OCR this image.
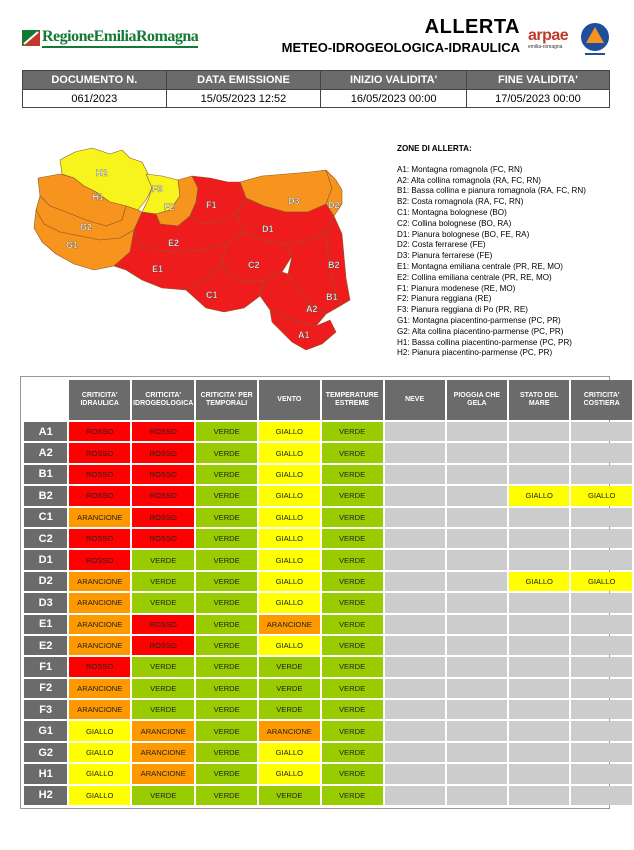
RegioneEmiliaRomagna	ALLERTA
METEO-IDROGEOLOGICA-IDRAULICA
arpae
emilia-romagna
DOCUMENTO N.	DATA EMISSIONE	INIZIO VALIDITA'	FINE VALIDITA'
061/2023	15/05/2023 12:52	16/05/2023 00:00	17/05/2023 00:00
H2
F3
H1
F2	F1	D3	D2
G2
G1
D1
E2
E1	C2	B2
C1	B1
A2
A1
ZONE DI ALLERTA:
A1: Montagna romagnola (FC, RN)
A2: Alta collina romagnola (RA, FC, RN)
B1: Bassa collina e pianura romagnola (RA, FC, RN)
B2: Costa romagnola (RA, FC, RN)
C1: Montagna bolognese (BO)
C2: Collina bolognese (BO, RA)
D1: Pianura bolognese (BO, FE, RA)
D2: Costa ferrarese (FE)
D3: Pianura ferrarese (FE)
E1: Montagna emiliana centrale (PR, RE, MO)
E2: Collina emiliana centrale (PR, RE, MO)
F1: Pianura modenese (RE, MO)
F2: Pianura reggiana (RE)
F3: Pianura reggiana di Po (PR, RE)
G1: Montagna piacentino-parmense (PC, PR)
G2: Alta collina piacentino-parmense (PC, PR)
H1: Bassa collina piacentino-parmense (PC, PR)
H2: Pianura piacentino-parmense (PC, PR)
	CRITICITA' IDRAULICA	CRITICITA' IDROGEOLOGICA	CRITICITA' PER TEMPORALI	VENTO	TEMPERATURE ESTREME	NEVE	PIOGGIA CHE GELA	STATO DEL MARE	CRITICITA' COSTIERA
A1	ROSSO	ROSSO	VERDE	GIALLO	VERDE				
A2	ROSSO	ROSSO	VERDE	GIALLO	VERDE				
B1	ROSSO	ROSSO	VERDE	GIALLO	VERDE				
B2	ROSSO	ROSSO	VERDE	GIALLO	VERDE			GIALLO	GIALLO
C1	ARANCIONE	ROSSO	VERDE	GIALLO	VERDE				
C2	ROSSO	ROSSO	VERDE	GIALLO	VERDE				
D1	ROSSO	VERDE	VERDE	GIALLO	VERDE				
D2	ARANCIONE	VERDE	VERDE	GIALLO	VERDE			GIALLO	GIALLO
D3	ARANCIONE	VERDE	VERDE	GIALLO	VERDE				
E1	ARANCIONE	ROSSO	VERDE	ARANCIONE	VERDE				
E2	ARANCIONE	ROSSO	VERDE	GIALLO	VERDE				
F1	ROSSO	VERDE	VERDE	VERDE	VERDE				
F2	ARANCIONE	VERDE	VERDE	VERDE	VERDE				
F3	ARANCIONE	VERDE	VERDE	VERDE	VERDE				
G1	GIALLO	ARANCIONE	VERDE	ARANCIONE	VERDE				
G2	GIALLO	ARANCIONE	VERDE	GIALLO	VERDE				
H1	GIALLO	ARANCIONE	VERDE	GIALLO	VERDE				
H2	GIALLO	VERDE	VERDE	VERDE	VERDE				
